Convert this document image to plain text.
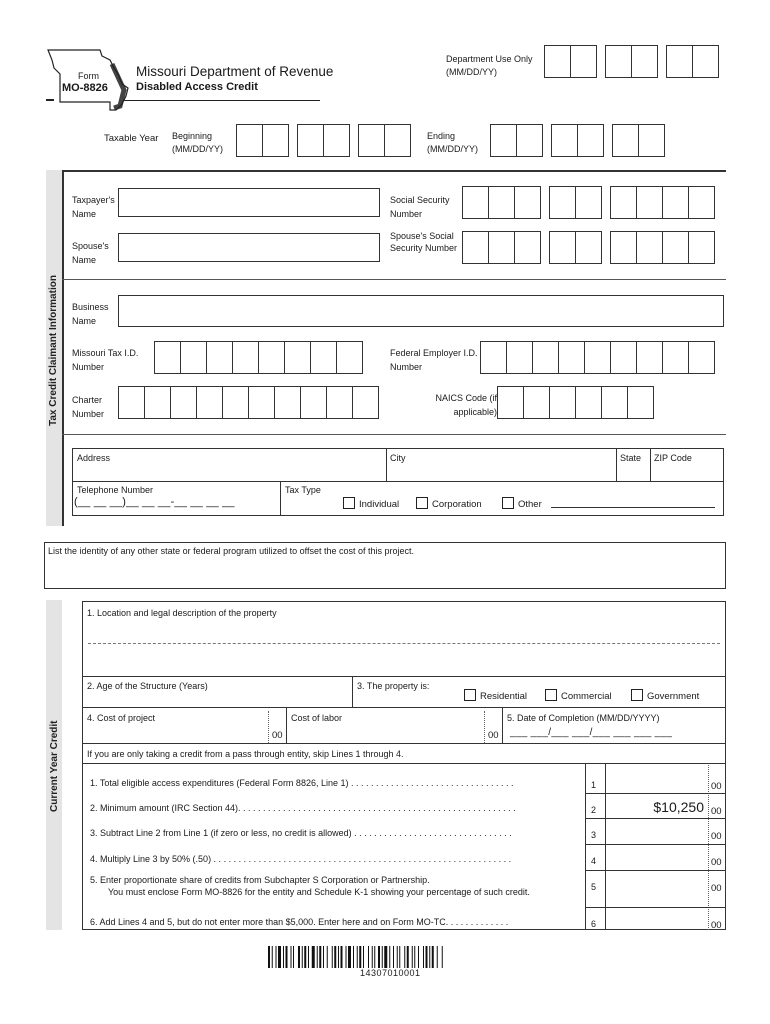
Form
MO-8826
Missouri Department of Revenue
Disabled Access Credit
Department Use Only
(MM/DD/YY)
Taxable Year Beginning
(MM/DD/YY)
Ending
(MM/DD/YY)
Tax Credit Claimant Information
Taxpayer's Name
Social Security Number
Spouse's Name
Spouse's Social Security Number
Business Name
Missouri Tax I.D. Number
Federal Employer I.D. Number
Charter Number
NAICS Code (if applicable)
Address	City	State ZIP Code
Telephone Number
(__ __ __)__ __ __-__ __ __ __
Tax Type
Individual	Corporation	Other
List the identity of any other state or federal program utilized to offset the cost of this project.
Current Year Credit
1. Location and legal description of the property
2. Age of the Structure (Years)	3. The property is:
Residential	Commercial	Government
4. Cost of project
00
Cost of labor
00
5. Date of Completion (MM/DD/YYYY)
___ ___/___ ___/___ ___ ___ ___
If you are only taking a credit from a pass through entity, skip Lines 1 through 4.
1. Total eligible access expenditures (Federal Form 8826, Line 1) . . . . . . . . . . . . . . . . . . . . . . . . . . . . . . . . .	1	00
2. Minimum amount (IRC Section 44). . . . . . . . . . . . . . . . . . . . . . . . . . . . . . . . . . . . . . . . . . . . . . . . . . . . . . . .	2	$10,250 00
3. Subtract Line 2 from Line 1 (if zero or less, no credit is allowed) . . . . . . . . . . . . . . . . . . . . . . . . . . . . . . . .	3	00
4. Multiply Line 3 by 50% (.50) . . . . . . . . . . . . . . . . . . . . . . . . . . . . . . . . . . . . . . . . . . . . . . . . . . . . . . . . . . . .	4	00
5. Enter proportionate share of credits from Subchapter S Corporation or Partnership.
You must enclose Form MO-8826 for the entity and Schedule K-1 showing your percentage of such credit.	5	00
6. Add Lines 4 and 5, but do not enter more than $5,000. Enter here and on Form MO-TC. . . . . . . . . . . . .	6	00
14307010001
